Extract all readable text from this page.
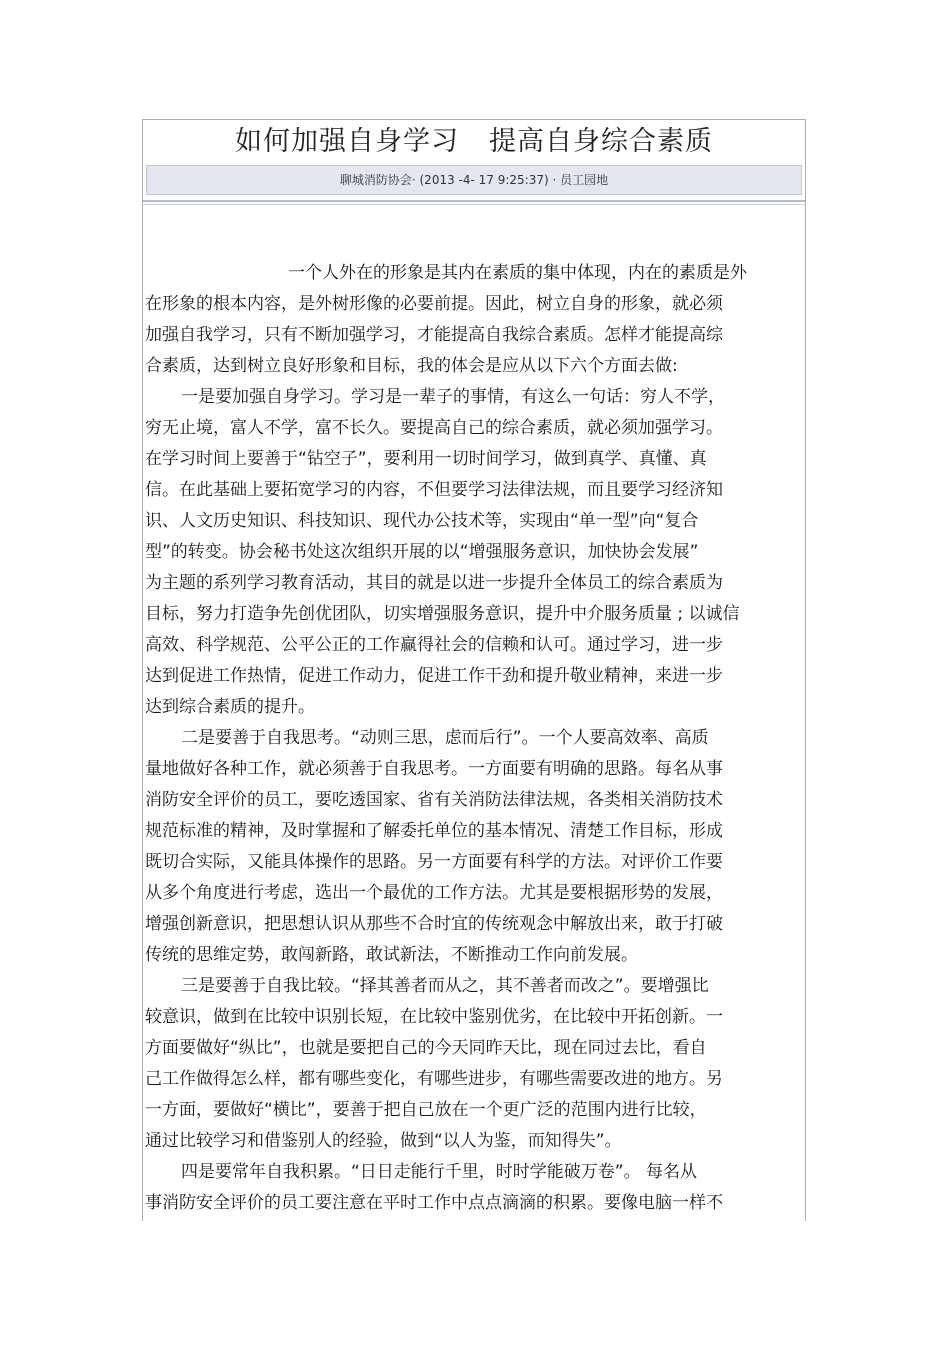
如何加强自身学习 提高自身综合素质
聊城消防协会· (2013 -4- 17 9:25:37) · 员工园地
一个人外在的形象是其内在素质的集中体现，内在的素质是外
在形象的根本内容，是外树形像的必要前提。因此，树立自身的形象，就必须
加强自我学习，只有不断加强学习，才能提高自我综合素质。怎样才能提高综
合素质，达到树立良好形象和目标，我的体会是应从以下六个方面去做:
一是要加强自身学习。学习是一辈子的事情，有这么一句话：穷人不学，
穷无止境，富人不学，富不长久。要提高自己的综合素质，就必须加强学习。
在学习时间上要善于“钻空子”，要利用一切时间学习，做到真学、真懂、真
信。在此基础上要拓宽学习的内容，不但要学习法律法规，而且要学习经济知
识、人文历史知识、科技知识、现代办公技术等，实现由“单一型”向“复合
型”的转变。协会秘书处这次组织开展的以“增强服务意识，加快协会发展”
为主题的系列学习教育活动，其目的就是以进一步提升全体员工的综合素质为
目标，努力打造争先创优团队，切实增强服务意识，提升中介服务质量 ; 以诚信
高效、科学规范、公平公正的工作赢得社会的信赖和认可。通过学习，进一步
达到促进工作热情，促进工作动力，促进工作干劲和提升敬业精神，来进一步
达到综合素质的提升。
二是要善于自我思考。“动则三思，虑而后行”。一个人要高效率、高质
量地做好各种工作，就必须善于自我思考。一方面要有明确的思路。每名从事
消防安全评价的员工，要吃透国家、省有关消防法律法规，各类相关消防技术
规范标准的精神，及时掌握和了解委托单位的基本情况、清楚工作目标，形成
既切合实际，又能具体操作的思路。另一方面要有科学的方法。对评价工作要
从多个角度进行考虑，选出一个最优的工作方法。尤其是要根据形势的发展，
增强创新意识，把思想认识从那些不合时宜的传统观念中解放出来，敢于打破
传统的思维定势，敢闯新路，敢试新法，不断推动工作向前发展。
三是要善于自我比较。“择其善者而从之，其不善者而改之”。要增强比
较意识，做到在比较中识别长短，在比较中鉴别优劣，在比较中开拓创新。一
方面要做好“纵比”，也就是要把自己的今天同昨天比，现在同过去比，看自
己工作做得怎么样，都有哪些变化，有哪些进步，有哪些需要改进的地方。另
一方面，要做好“横比”，要善于把自己放在一个更广泛的范围内进行比较，
通过比较学习和借鉴别人的经验，做到“以人为鉴，而知得失”。
四是要常年自我积累。“日日走能行千里，时时学能破万卷”。 每名从
事消防安全评价的员工要注意在平时工作中点点滴滴的积累。要像电脑一样不
